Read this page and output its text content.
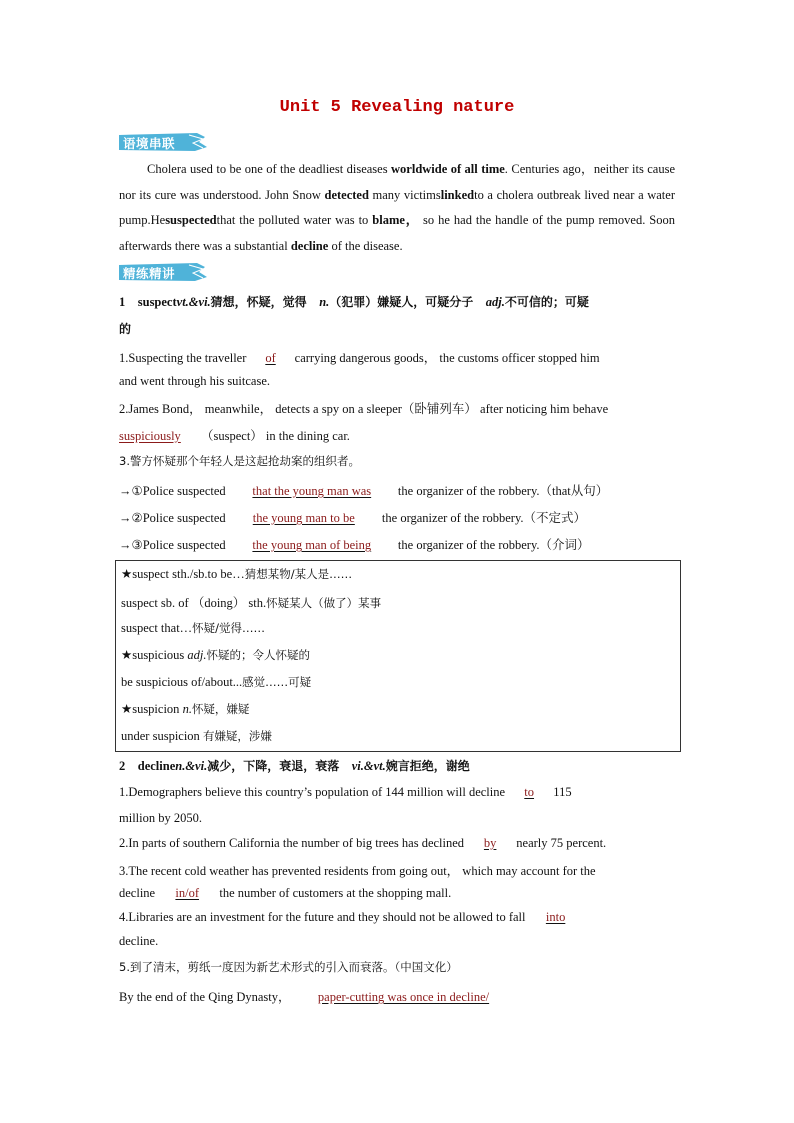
Unit 5 Revealing nature
语境串联

Cholera used to be one of the deadliest diseases worldwide of all time. Centuries ago，neither its cause nor its cure was understood. John Snow detected many victimslinkedto a cholera outbreak lived near a water pump.Hesuspectedthat the polluted water was to blame， so he had the handle of the pump removed. Soon afterwards there was a substantial decline of the disease.

精练精讲
1 suspectvt.&vi.猜想，怀疑，觉得 n.（犯罪）嫌疑人，可疑分子 adj.不可信的；可疑
的
1.Suspecting the traveller of carrying dangerous goods， the customs officer stopped him
and went through his suitcase.
2.James Bond， meanwhile， detects a spy on a sleeper（卧铺列车） after noticing him behave
suspiciously （suspect） in the dining car.
3.警方怀疑那个年轻人是这起抢劫案的组织者。
→①Police suspected that the young man was the organizer of the robbery.（that从句）
→②Police suspected the young man to be the organizer of the robbery.（不定式）
→③Police suspected the young man of being the organizer of the robbery.（介词）
★suspect sth./sb.to be…猜想某物/某人是……
suspect sb. of （doing） sth.怀疑某人（做了）某事
suspect that…怀疑/觉得……
★suspicious adj.怀疑的；令人怀疑的
be suspicious of/about...感觉……可疑
★suspicion n.怀疑，嫌疑
under suspicion 有嫌疑，涉嫌
2 declinen.&vi.减少，下降，衰退，衰落 vi.&vt.婉言拒绝，谢绝
1.Demographers believe this country’s population of 144 million will decline to 115
million by 2050.
2.In parts of southern California the number of big trees has declined by nearly 75 percent.
3.The recent cold weather has prevented residents from going out， which may account for the
decline in/of the number of customers at the shopping mall.
4.Libraries are an investment for the future and they should not be allowed to fall into
decline.
5.到了清末，剪纸一度因为新艺术形式的引入而衰落。（中国文化）
By the end of the Qing Dynasty， paper-cutting was once in decline/
